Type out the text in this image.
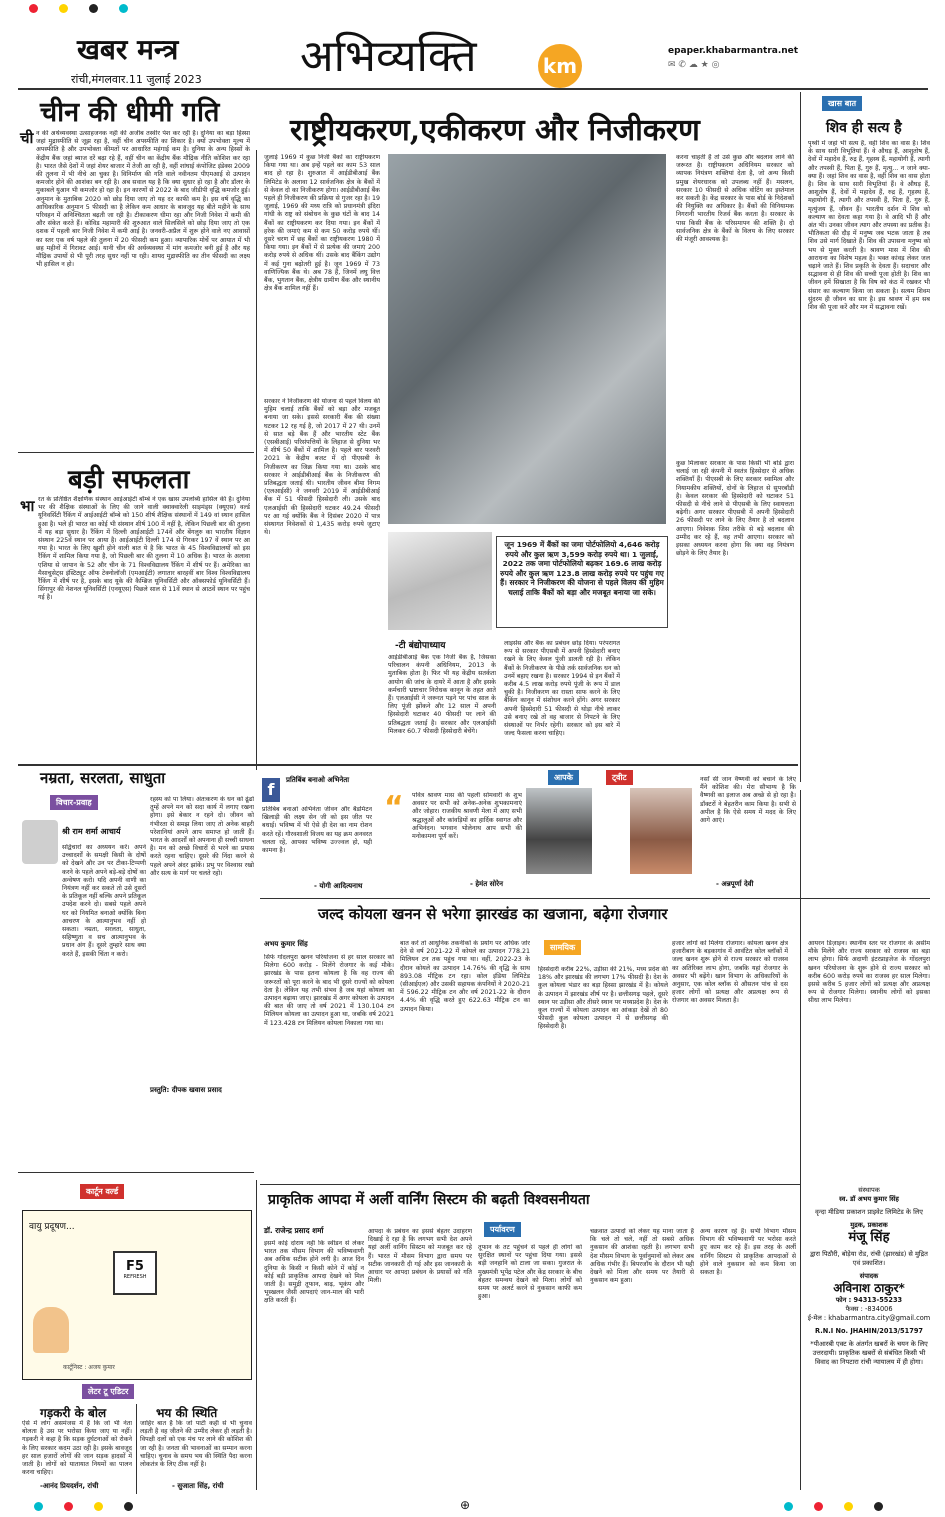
खबर मन्त्र
रांची,मंगलवार.11 जुलाई 2023 अभिव्यक्ति	km
epaper.khabarmantra.net
✉ ✆ ☁ ★ ◎
चीन की धीमी गति
ची न की अर्थव्यवस्था उत्साहजनक नहीं की अजीब तस्वीर पेश कर रही है। दुनिया का बड़ा हिस्सा जहां मुद्रास्फीति से जूझ रहा है, वहीं चीन अपस्फीति का शिकार है। क्यों उपभोक्ता मूल्य में अपस्फीति है और उपभोक्ता कीमतों पर आधारित महंगाई कम है। दुनिया के अन्य हिस्सों के केंद्रीय बैंक जहां ब्याज दरें बढ़ा रहे हैं, वहीं चीन का केंद्रीय बैंक मौद्रिक नीति कोशिश कर रहा है। भारत जैसे देशों में जहां शेयर बाजार में तेजी आ रही है, वहीं शांघाई कंपोजिट इंडेक्स 2009 की तुलना में भी नीचे आ चुका है। विनिर्माण की गति वाले नवीनतम पीएमआई से उत्पादन कमजोर होने की आशंका बन रही है। अब सवाल यह है कि क्या सुधार हो रहा है और डॉलर के मुकाबले युआन भी कमजोर हो रहा है। इन कारणों से 2022 के बाद जीडीपी वृद्धि कमजोर हुई। अनुमान के मुताबिक 2020 को छोड़ दिया जाए तो यह दर काफी कम है। इस वर्ष वृद्धि का आधिकारिक अनुमान 5 फीसदी का है लेकिन कम आधार के बावजूद यह बीते महीने के साथ परिवहन में अनिश्चितता बढ़ती जा रही है। टीकाकरण धीमा रहा और निजी निवेश में कमी की और संकेत करते हैं। कोविड महामारी की शुरुआत वाले सिलसिले को छोड़ दिया जाए तो एक दशक में पहली बार निजी निवेश में कमी आई है। जनवरी-अप्रैल में शुरू होने वाले नए आवासों का स्तर एक वर्ष पहले की तुलना में 20 फीसदी कम हुआ। व्यापारिक मोर्चे पर आयात में भी छह महीनों में गिरावट आई। यानी चीन की अर्थव्यवस्था में मांग कमजोर बनी हुई है और यह मौद्रिक उपायों से भी पूरी तरह सुधर नहीं पा रही। शायद मुद्रास्फीति का तीन फीसदी का लक्ष्य भी हासिल न हो।
बड़ी सफलता
भा रत के प्रतिष्ठित शैक्षणिक संस्थान आईआईटी बॉम्बे ने एक खास उपलब्धि हासिल की है। दुनिया भर की शैक्षिक संस्थाओं के लिए की जाने वाली क्वाक्वारेली साइमंड्स (क्यूएस) वर्ल्ड यूनिवर्सिटी रैंकिंग में आईआईटी बॉम्बे को 150 शीर्ष शैक्षिक संस्थानों में 149 वां स्थान हासिल हुआ है। भले ही भारत का कोई भी संस्थान शीर्ष 100 में नहीं है, लेकिन पिछली बार की तुलना में यह बड़ा सुधार है। रैंकिंग में दिल्ली आईआईटी 174वें और बेंगलुरु का भारतीय विज्ञान संस्थान 225वें स्थान पर आया है। आईआईटी दिल्ली 174 से गिरकर 197 वें स्थान पर आ गया है। भारत के लिए खुशी होने वाली बात ये है कि भारत के 45 विश्वविद्यालयों को इस रैंकिंग में शामिल किया गया है, जो पिछली बार की तुलना में 10 अधिक है। भारत के अलावा एशिया से जापान के 52 और चीन के 71 विश्वविद्यालय रैंकिंग में शीर्ष पर हैं। अमेरिका का मैसाचुसेट्स इंस्टिट्यूट ऑफ टेक्नोलॉजी (एमआईटी) लगातार बारहवीं बार विश्व विश्वविद्यालय रैंकिंग में शीर्ष पर है, इसके बाद यूके की कैम्ब्रिज यूनिवर्सिटी और ऑक्सफोर्ड यूनिवर्सिटी हैं। सिंगापुर की नेशनल यूनिवर्सिटी (एनयूएस) पिछले साल से 11वें स्थान से आठवें स्थान पर पहुंच गई है।
राष्ट्रीयकरण,एकीकरण और निजीकरण
जुलाई 1969 में कुछ निजी बैंकों का राष्ट्रीयकरण किया गया था। अब इन्हें पहले का काम 53 साल बाद हो रहा है। शुरुआत में आईडीबीआई बैंक लिमिटेड के अलावा 12 सार्वजनिक क्षेत्र के बैंकों में से केवल दो का निजीकरण होगा। आईडीबीआई बैंक पहले ही निजीकरण की प्रक्रिया से गुजर रहा है। 19 जुलाई, 1969 की मध्य रात्रि को प्रधानमंत्री इंदिरा गांधी के राष्ट्र को संबोधन के कुछ घंटों के बाद 14 बैंकों का राष्ट्रीयकरण कर दिया गया। इन बैंकों में हरेक की जमाएं कम से कम 50 करोड़ रुपये थीं। दूसरे चरण में छह बैंकों का राष्ट्रीयकरण 1980 में किया गया। इन बैंकों में से प्रत्येक की जमाएं 200 करोड़ रुपये से अधिक थीं। उसके बाद बैंकिंग उद्योग में कई गुना बढ़ोतरी हुई है। जून 1969 में 73 वाणिज्यिक बैंक थे। अब 78 हैं, जिनमें लघु वित्त बैंक, भुगतान बैंक, क्षेत्रीय ग्रामीण बैंक और स्थानीय क्षेत्र बैंक शामिल नहीं हैं।
सरकार ने निजीकरण की योजना से पहले विलय की मुहिम चलाई ताकि बैंकों को बड़ा और मजबूत बनाया जा सके। इससे सरकारी बैंक की संख्या घटकर 12 रह गई है, जो 2017 में 27 थी। उनमें से सात बड़े बैंक हैं और भारतीय स्टेट बैंक (एसबीआई) परिसंपत्तियों के लिहाज से दुनिया भर में शीर्ष 50 बैंकों में शामिल है। पहले बार फरवरी 2021 के केंद्रीय बजट में दो पीएसबी के निजीकरण का जिक्र किया गया था। उसके बाद सरकार ने आईडीबीआई बैंक के निजीकरण की प्रतिबद्धता जताई थी। भारतीय जीवन बीमा निगम (एलआईसी) ने जनवरी 2019 में आईडीबीआई बैंक में 51 फीसदी हिस्सेदारी ली। उसके बाद एलआईसी की हिस्सेदारी घटकर 49.24 फीसदी पर आ गई क्योंकि बैंक ने दिसंबर 2020 में पात्र संस्थागत निवेशकों से 1,435 करोड़ रुपये जुटाए थे।
जून 1969 में बैंकों का जमा पोर्टफोलियो 4,646 करोड़ रुपये और कुल ऋण 3,599 करोड़ रुपये था। 1 जुलाई, 2022 तक जमा पोर्टफोलियो बढ़कर 169.6 लाख करोड़ रुपये और कुल ऋण 123.8 लाख करोड़ रुपये पर पहुंच गए हैं। सरकार ने निजीकरण की योजना से पहले विलय की मुहिम चलाई ताकि बैंकों को बड़ा और मजबूत बनाया जा सके।
-टी बंद्योपाध्याय
आईडीबीआई बैंक एक निजी बैंक है, जिसका परिचालन कंपनी अधिनियम, 2013 के मुताबिक होता है। फिर भी यह केंद्रीय सतर्कता आयोग की जांच के दायरे में आता है और इसके कर्मचारी भ्रष्टाचार निरोधक कानून के तहत आते हैं। एलआईसी ने जरूरत पड़ने पर पांच साल के लिए पूंजी झोंकने और 12 साल में अपनी हिस्सेदारी घटाकर 40 फीसदी पर लाने की प्रतिबद्धता जताई है। सरकार और एलआईसी मिलकर 60.7 फीसदी हिस्सेदारी बेचेंगे।
लाइसेंस और बैंक का प्रबंधन छोड़ दिया। परंपरागत रूप से सरकार पीएसबी में अपनी हिस्सेदारी बनाए रखने के लिए केवल पूंजी डालती रही है। लेकिन बैंकों के निजीकरण के पीछे तर्क सार्वजनिक धन को उनमें बहाए रखना है। सरकार 1994 से इन बैंकों में करीब 4.5 लाख करोड़ रुपये पूंजी के रूप में डाल चुकी है। निजीकरण का रास्ता साफ करने के लिए बैंकिंग कानून में संशोधन करने होंगे। अगर सरकार अपनी हिस्सेदारी 51 फीसदी से थोड़ा नीचे लाकर उसे बनाए रखे तो वह बाजार से निपटने के लिए संस्थाओं पर निर्भर रहेगी। सरकार को इस बारे में जल्द फैसला करना चाहिए।
करना चाहती है तो उसे कुछ और बदलाव लाने की जरूरत है। राष्ट्रीयकरण अधिनियम सरकार को व्यापक नियंत्रण शक्तियां देता है, जो अन्य किसी प्रमुख शेयरधारक को उपलब्ध नहीं हैं। मसलन, सरकार 10 फीसदी से अधिक वोटिंग का इस्तेमाल कर सकती है। केंद्र सरकार के पास बोर्ड के निदेशकों की नियुक्ति का अधिकार है। बैंकों की विनियामक निगरानी भारतीय रिजर्व बैंक करता है। सरकार के पास किसी बैंक के परिसमापन की शक्ति है। दो सार्वजनिक क्षेत्र के बैंकों के विलय के लिए सरकार की मंजूरी आवश्यक है।
कुछ मिलाकर सरकार के पास किसी भी बोर्ड द्वारा चलाई जा रही कंपनी में स्वतंत्र हिस्सेदार से अधिक शक्तियाँ हैं। पीएसबी के लिए सरकार स्वामित्व और नियामकीय शक्तियों, दोनों के लिहाज से सुपरबॉडी है। केवल सरकार की हिस्सेदारी को घटाकर 51 फीसदी से नीचे लाने से पीएसबी के लिए स्वायत्तता बढ़ेगी। अगर सरकार पीएसबी में अपनी हिस्सेदारी 26 फीसदी पर लाने के लिए तैयार है तो बदलाव आएगा। निवेशक जिस तरीके से बड़े बदलाव की उम्मीद कर रहे हैं, वह तभी आएगा। सरकार को इसका अध्ययन करना होगा कि क्या वह नियंत्रण छोड़ने के लिए तैयार है।
खास बात
शिव ही सत्य है
पृथ्वी में जहां भी सत्य है, वहीं शिव का वास है। शिव के साथ सारी विभूतियां हैं। वे औघड़ हैं, आशुतोष हैं, देवों में महादेव हैं, रुद्र हैं, गृहस्थ हैं, महायोगी हैं, त्यागी और तपस्वी हैं, पिता हैं, गुरु हैं, मृत्यु... न जाने क्या-क्या हैं। जहां शिव का वास है, वहीं शिव का वास होता है। शिव के साथ सारी विभूतियां हैं। वे औघड़ हैं, आशुतोष हैं, देवों में महादेव हैं, रुद्र हैं, गृहस्थ हैं, महायोगी हैं, त्यागी और तपस्वी हैं, पिता हैं, गुरु हैं, मृत्युंजय हैं, जीवन हैं। भारतीय दर्शन में शिव को कल्याण का देवता कहा गया है। वे आदि भी हैं और अंत भी। उनका जीवन त्याग और तपस्या का प्रतीक है। भौतिकता की दौड़ में मनुष्य जब भटक जाता है तब शिव उसे मार्ग दिखाते हैं। शिव की उपासना मनुष्य को भय से मुक्त करती है। श्रावण मास में शिव की आराधना का विशेष महत्व है। भक्त कांवड़ लेकर जल चढ़ाने जाते हैं। शिव प्रकृति के देवता हैं। सदाचार और सद्भावना से ही शिव की सच्ची पूजा होती है। शिव का जीवन हमें सिखाता है कि विष को कंठ में रखकर भी संसार का कल्याण किया जा सकता है। सत्यम शिवम सुंदरम ही जीवन का सार है। इस श्रावण में हम सब शिव की पूजा करें और मन में सद्भावना रखें।
नम्रता, सरलता, साधुता
विचार-प्रवाह
श्री राम शर्मा आचार्य
सद्विचारों का अध्ययन करें। अपने उच्चादर्शों के समक्षी किसी के दोषों को देखने और उन पर टीका-टिप्पणी करने के पहले अपने बड़े-बड़े दोषों का अन्वेषण करो। यदि अपनी वाणी का नियंत्रण नहीं कर सकते तो उसे दूसरों के प्रतिकूल नहीं बल्कि अपने प्रतिकूल उपदेश करने दो। सबसे पहले अपने घर को नियमित बनाओ क्योंकि बिना आचरण के आत्मानुभव नहीं हो सकता। नम्रता, सरलता, साधुता, सहिष्णुता व सच आत्मानुभव के प्रधान अंग हैं। दूसरे तुम्हारे साथ क्या करते हैं, इसकी चिंता न करो।
रहस्य को पा लिया। अंतःकरण के धन को ढूंढो तुम्हें अपने मन को सदा कार्य में लगाए रखना होगा। इसे बेकार न रहने दो। जीवन को गंभीरता से समझ लिया जाए तो अनेक बाहरी परेशानियां अपने आप समाप्त हो जाती हैं। भारत के आदर्शों को अपनाना ही सच्ची साधना है। मन को अच्छे विचारों से भरने का प्रयास करते रहना चाहिए। दूसरे की निंदा करने से पहले अपने अंदर झांकें। प्रभु पर विश्वास रखो और सत्य के मार्ग पर चलते रहो।
प्रस्तुति: दीपक खवास प्रसाद
f	प्रतिबिंब बनाओ अभिनेता
प्रतिबिंब बनाओ अभिनेता जीवन और बैडमिंटन खिलाड़ी की लक्ष्य सेन जी को इस जीत पर बधाई। भविष्य में भी ऐसे ही देश का नाम रोशन करते रहें। गौरवशाली विजय का यह क्रम अनवरत चलता रहे, आपका भविष्य उज्ज्वल हो, यही कामना है।
- योगी आदित्यनाथ
आपके	ट्वीट
“ पवित्र श्रावण मास की पहली सोमवारी के शुभ अवसर पर सभी को अनेक-अनेक शुभकामनाएं और जोहार। राजकीय श्रावणी मेला में आए सभी श्रद्धालुओं और कांवड़ियों का हार्दिक स्वागत और अभिनंदन। भगवान भोलेनाथ आप सभी की मनोकामना पूर्ण करें।
- हेमंत सोरेन
नर्सों सी जान वैष्णवी को बचाने के लिए मैंने कोशिश की। मेरा सौभाग्य है कि वैष्णवी का इलाज अब अच्छे से हो रहा है। डॉक्टरों ने बेहतरीन काम किया है। सभी से अपील है कि ऐसे समय में मदद के लिए आगे आएं।
- अन्नपूर्णा देवी
जल्द कोयला खनन से भरेगा झारखंड का खजाना, बढ़ेगा रोजगार
अभय कुमार सिंह	सामयिक
सिर्फ गोंदलपुरा खनन परियोजना से हर साल सरकार को मिलेगा 600 करोड़ - मिलेंगे रोजगार के कई मौके। झारखंड के पास इतना कोयला है कि वह राज्य की जरूरतों को पूरा करने के बाद भी दूसरे राज्यों को कोयला देता है। लेकिन यह तभी संभव है जब यहां कोयला का उत्पादन बढ़ाया जाए। झारखंड में अगर कोयला के उत्पादन की बात की जाए तो वर्ष 2021 में 130.104 टन मिलियन कोयला का उत्पादन हुआ था, जबकि वर्ष 2021 में 123.428 टन मिलियन कोयला निकाला गया था।
बात करें तो आधुनिक तकनीकों के प्रयोग पर अधिक जोर देने से वर्ष 2021-22 में कोयले का उत्पादन 778.21 मिलियन टन तक पहुंच गया था। वहीं, 2022-23 के दौरान कोयले का उत्पादन 14.76% की वृद्धि के साथ 893.08 मीट्रिक टन रहा। कोल इंडिया लिमिटेड (सीआईएल) और उसकी सहायक कंपनियों ने 2020-21 में 596.22 मीट्रिक टन और वर्ष 2021-22 के दौरान 4.4% की वृद्धि करते हुए 622.63 मीट्रिक टन का उत्पादन किया।
हिस्सेदारी करीब 22%, उड़ीसा की 21%, मध्य प्रदेश की 18% और झारखंड की लगभग 17% फीसदी है। देश के कुल कोयला भंडार का बड़ा हिस्सा झारखंड में है। कोयले के उत्पादन में झारखंड शीर्ष पर है। छत्तीसगढ़ पहले, दूसरे स्थान पर उड़ीसा और तीसरे स्थान पर मध्यप्रदेश है। देश के कुल राज्यों में कोयला उत्पादन का आंकड़ा देखें तो 80 फीसदी कुल कोयला उत्पादन में से छत्तीसगढ़ की हिस्सेदारी है।
हजार लोगों को मिलेगा रोजगार। कोयला खनन क्षेत्र हजारीबाग के बड़कागांव में आवंटित कोल ब्लॉकों में जल्द खनन शुरू होने से राज्य सरकार को राजस्व का अतिरिक्त लाभ होगा, जबकि यहां रोजगार के अवसर भी बढ़ेंगे। खान विभाग के अधिकारियों के अनुसार, एक कोल ब्लॉक से औसतन पांच से दस हजार लोगों को प्रत्यक्ष और अप्रत्यक्ष रूप से रोजगार का अवसर मिलता है।
आयरन डिज़ाइन। स्थानीय स्तर पर रोजगार के असीम मौके मिलेंगे और राज्य सरकार को राजस्व का बड़ा लाभ होगा। सिर्फ अदाणी इंटरप्राइजेज के गोंदलपुरा खनन परियोजना के शुरू होने से राज्य सरकार को करीब 600 करोड़ रुपये का राजस्व हर साल मिलेगा। इससे करीब 5 हजार लोगों को प्रत्यक्ष और अप्रत्यक्ष रूप से रोजगार मिलेगा। स्थानीय लोगों को इसका सीधा लाभ मिलेगा।
कार्टून वर्ल्ड
वायु प्रदूषण...
F5
REFRESH
कार्टूनिस्ट : अजय कुमार
लेटर टू एडिटर
गड़करी के बोल
ऐसे में लोग असमंजस में हैं कि जो भी नेता बोलता है उस पर भरोसा किया जाए या नहीं। गड़करी ने कहा है कि सड़क दुर्घटनाओं को रोकने के लिए सरकार कदम उठा रही है। इसके बावजूद हर साल हजारों लोगों की जान सड़क हादसों में जाती है। लोगों को यातायात नियमों का पालन करना चाहिए।
-आनंद प्रियदर्शन, रांची
भय की स्थिति
जाहिर बात है कि जो पार्टी कहीं से भी चुनाव लड़ती है वह जीतने की उम्मीद लेकर ही लड़ती है। विपक्षी दलों को एक मंच पर लाने की कोशिश की जा रही है। जनता की भावनाओं का सम्मान करना चाहिए। चुनाव के समय भय की स्थिति पैदा करना लोकतंत्र के लिए ठीक नहीं है।
- सुजाता सिंह, रांची
प्राकृतिक आपदा में अर्ली वार्निंग सिस्टम की बढ़ती विश्वसनीयता
डॉ. राजेन्द्र प्रसाद शर्मा
इसमें कोई दोराय नहीं कि स्वीडन से लेकर भारत तक मौसम विभाग की भविष्यवाणी अब अधिक सटीक होने लगी है। आज दिन दुनिया के किसी न किसी कोने में कोई न कोई बड़ी प्राकृतिक आपदा देखने को मिल जाती है। समुद्री तूफान, बाढ़, भूकंप और भूस्खलन जैसी आपदाएं जान-माल की भारी क्षति करती हैं।
आपदा के प्रबंधन का इससे बेहतर उदाहरण दिखाई दे रहा है कि लगभग सभी देश अपने यहां अर्ली वार्निंग सिस्टम को मजबूत कर रहे हैं। भारत में मौसम विभाग द्वारा समय पर सटीक जानकारी दी गई और इस जानकारी के आधार पर आपदा प्रबंधन के प्रयासों को गति मिली।
पर्यावरण
तूफान के तट पहुंचने से पहले ही लोगों को सुरक्षित स्थानों पर पहुंचा दिया गया। इससे बड़ी जनहानि को टाला जा सका। गुजरात के मुख्यमंत्री भूपेंद्र पटेल और केंद्र सरकार के बीच बेहतर समन्वय देखने को मिला। लोगों को समय पर अलर्ट करने से नुकसान काफी कम हुआ।
चक्रवात उत्पादों को लेकर यह माना जाता है कि चले तो चले, नहीं तो सबसे अधिक नुकसान की आशंका रहती है। लगभग सभी देश मौसम विभाग के पूर्वानुमानों को लेकर अब अधिक गंभीर हैं। बिपरजॉय के दौरान भी यही देखने को मिला और समय पर तैयारी से नुकसान कम हुआ।
अन्य कारण रहे हैं। सभी विभाग मौसम विभाग की भविष्यवाणी पर भरोसा करते हुए काम कर रहे हैं। इस तरह के अर्ली वार्निंग सिस्टम से प्राकृतिक आपदाओं से होने वाले नुकसान को कम किया जा सकता है।
संस्थापक
स्व. डॉ अभय कुमार सिंह
वृन्दा मीडिया प्रकाशन प्राइवेट लिमिटेड के लिए
मुद्रक, प्रकाशक
मंजू सिंह
द्वारा पिठौरी, बोड़ेया रोड, रांची (झारखंड) से मुद्रित एवं प्रकाशित।
संपादक
अविनाश ठाकुर*
फोन : 94313-55233
फैक्स : -834006
ई-मेल : khabarmantra.city@gmail.com
R.N.I No. JHAHIN/2013/51797
*पीआरबी एक्ट के अंतर्गत खबरों के चयन के लिए उत्तरदायी। प्राकृतिक खबरों से संबंधित किसी भी विवाद का निपटारा रांची न्यायालय में ही होगा।
⊕
